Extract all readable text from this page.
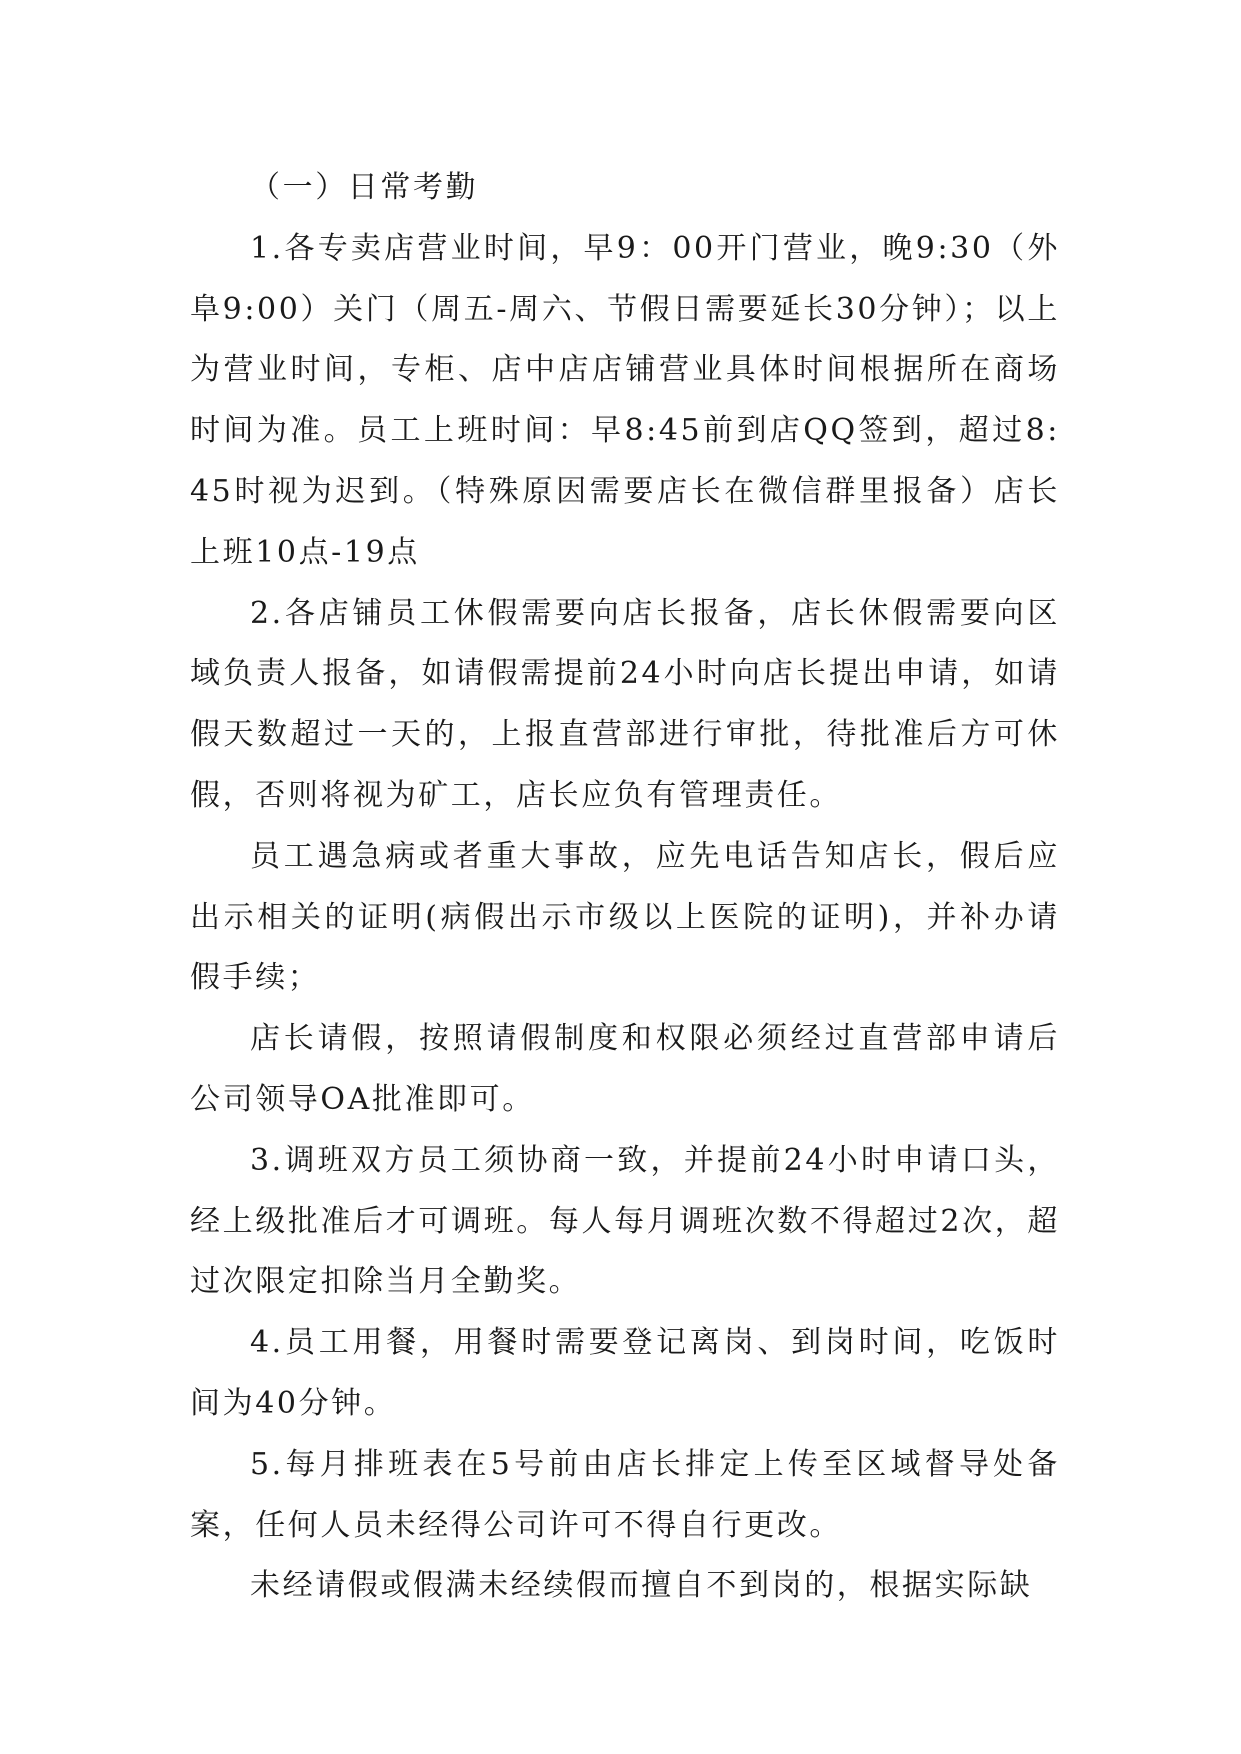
（一）日常考勤

1.各专卖店营业时间，早9：00开门营业，晚9:30（外阜9:00）关门（周五-周六、节假日需要延长30分钟）；以上为营业时间，专柜、店中店店铺营业具体时间根据所在商场时间为准。员工上班时间：早8:45前到店QQ签到，超过8:45时视为迟到。（特殊原因需要店长在微信群里报备）店长上班10点-19点

2.各店铺员工休假需要向店长报备，店长休假需要向区域负责人报备，如请假需提前24小时向店长提出申请，如请假天数超过一天的，上报直营部进行审批，待批准后方可休假，否则将视为矿工，店长应负有管理责任。

员工遇急病或者重大事故，应先电话告知店长，假后应出示相关的证明(病假出示市级以上医院的证明)，并补办请假手续；

店长请假，按照请假制度和权限必须经过直营部申请后公司领导OA批准即可。

3.调班双方员工须协商一致，并提前24小时申请口头，经上级批准后才可调班。每人每月调班次数不得超过2次，超过次限定扣除当月全勤奖。

4.员工用餐，用餐时需要登记离岗、到岗时间，吃饭时间为40分钟。

5.每月排班表在5号前由店长排定上传至区域督导处备案，任何人员未经得公司许可不得自行更改。

未经请假或假满未经续假而擅自不到岗的，根据实际缺
